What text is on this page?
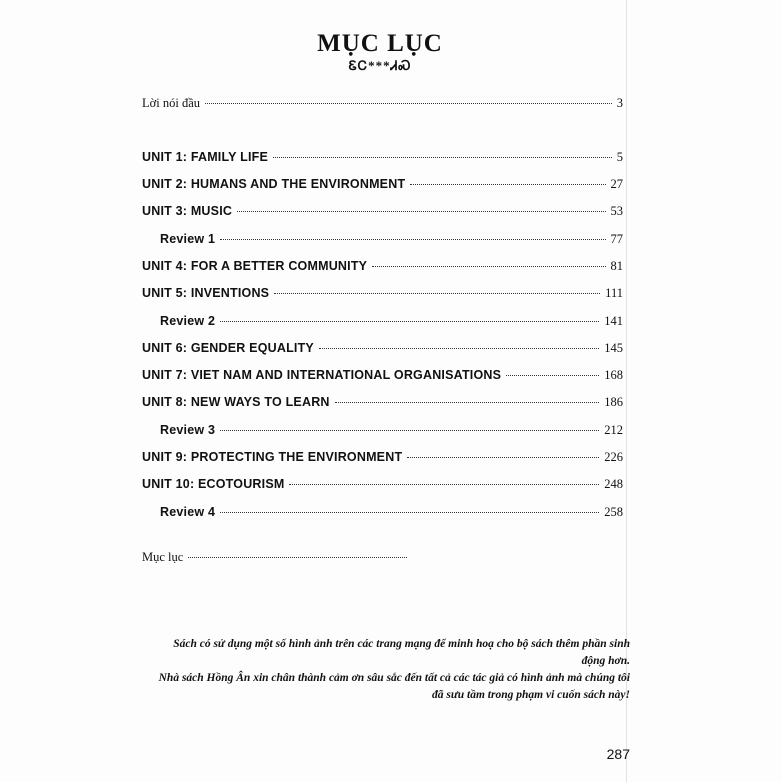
MỤC LỤC
ᏋᏟ***ᏗᏍ
Lời nói đầu	3
UNIT 1: FAMILY LIFE	5
UNIT 2: HUMANS AND THE ENVIRONMENT	27
UNIT 3: MUSIC	53
Review 1	77
UNIT 4: FOR A BETTER COMMUNITY	81
UNIT 5: INVENTIONS	111
Review 2	141
UNIT 6: GENDER EQUALITY	145
UNIT 7: VIET NAM AND INTERNATIONAL ORGANISATIONS	168
UNIT 8: NEW WAYS TO LEARN	186
Review 3	212
UNIT 9: PROTECTING THE ENVIRONMENT	226
UNIT 10: ECOTOURISM	248
Review 4	258
Mục lục

Sách có sử dụng một số hình ảnh trên các trang mạng để minh hoạ cho bộ sách thêm phần sinh động hơn.

Nhà sách Hồng Ân xin chân thành cảm ơn sâu sắc đến tất cả các tác giả có hình ảnh mà chúng tôi

đã sưu tầm trong phạm vi cuốn sách này!

287
